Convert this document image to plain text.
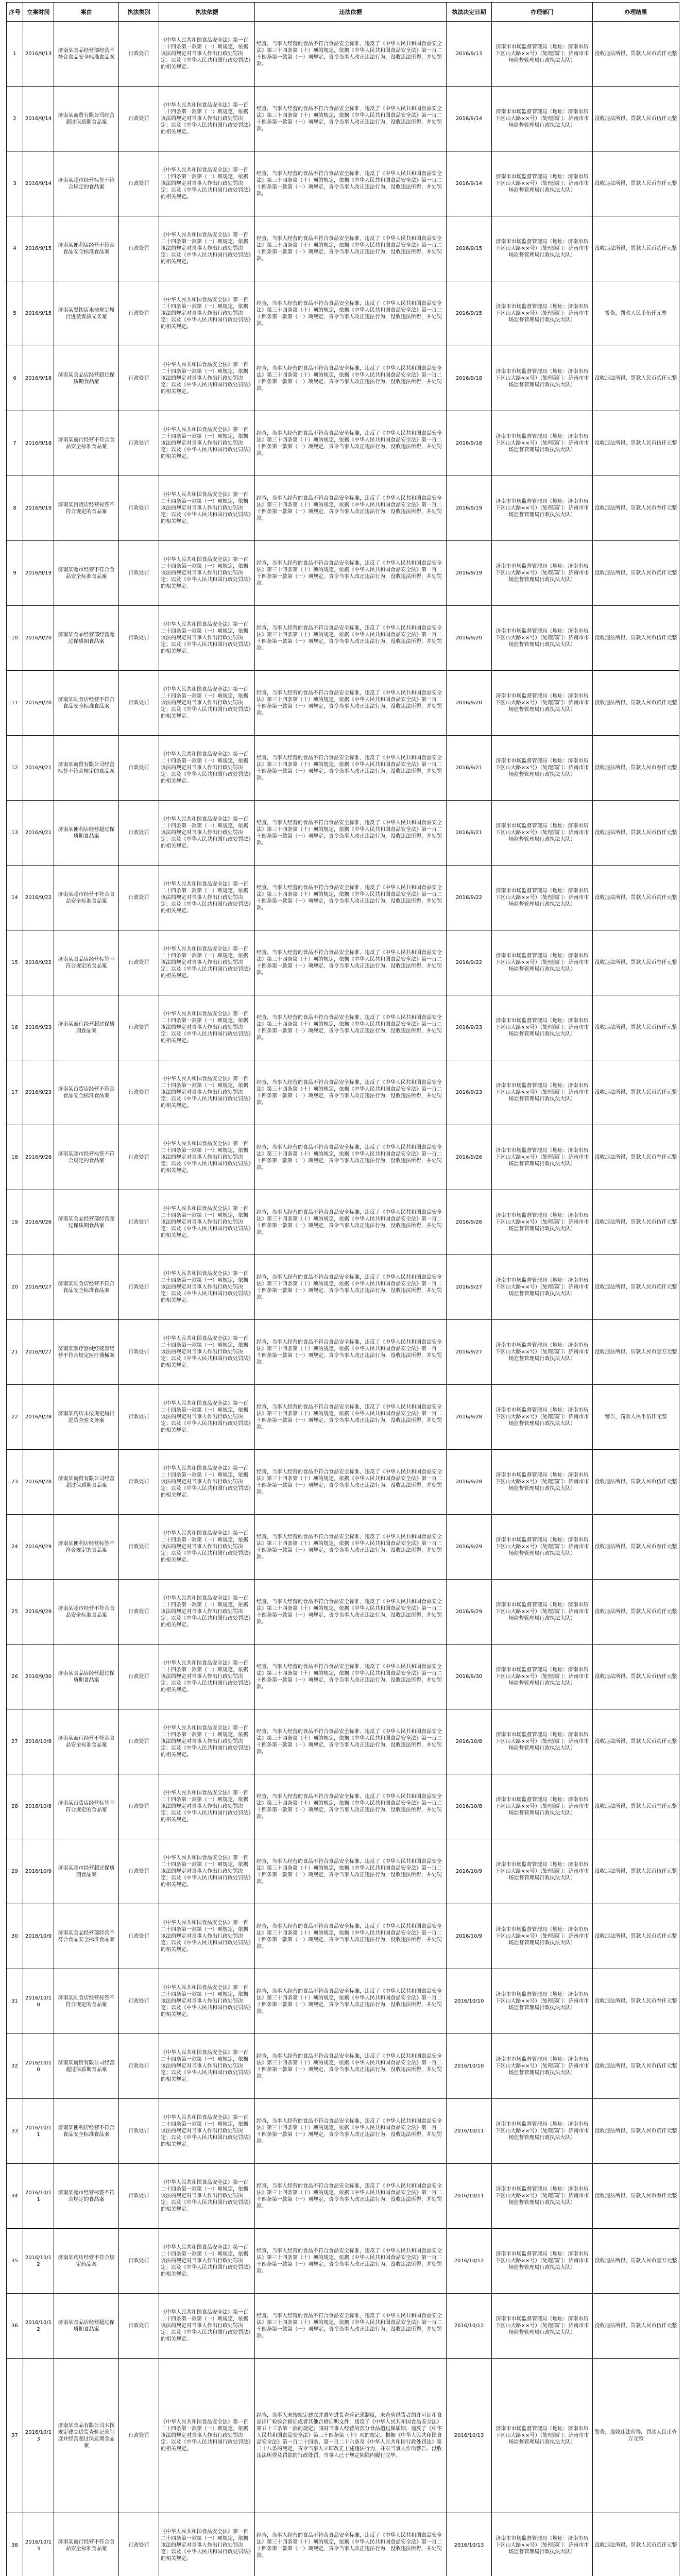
序号	立案时间	案由	执法类别	执法依据	违法依据	执法决定日期	办理部门	办理结果
1	2016/9/13	济南某食品经营部经营不符合食品安全标准食品案	行政处罚	《中华人民共和国食品安全法》第一百二十四条第一款第（一）项规定，依据该法的规定对当事人作出行政处罚决定；以及《中华人民共和国行政处罚法》的相关规定。	经查，当事人经营的食品不符合食品安全标准，违反了《中华人民共和国食品安全法》第三十四条第（十）项的规定，依据《中华人民共和国食品安全法》第一百二十四条第一款第（一）项规定，责令当事人改正违法行为，没收违法所得，并处罚款。	2016/9/13	济南市市场监督管理局（地址：济南市历下区山大路××号）（处理部门：济南市市场监督管理局行政执法大队）	没收违法所得，罚款人民币贰仟元整
2	2016/9/14	济南某商贸有限公司经营超过保质期食品案	行政处罚	《中华人民共和国食品安全法》第一百二十四条第一款第（一）项规定，依据该法的规定对当事人作出行政处罚决定；以及《中华人民共和国行政处罚法》的相关规定。	经查，当事人经营的食品不符合食品安全标准，违反了《中华人民共和国食品安全法》第三十四条第（十）项的规定，依据《中华人民共和国食品安全法》第一百二十四条第一款第（一）项规定，责令当事人改正违法行为，没收违法所得，并处罚款。	2016/9/14	济南市市场监督管理局（地址：济南市历下区山大路××号）（处理部门：济南市市场监督管理局行政执法大队）	没收违法所得，罚款人民币伍仟元整
3	2016/9/14	济南某超市经营标签不符合规定的食品案	行政处罚	《中华人民共和国食品安全法》第一百二十四条第一款第（一）项规定，依据该法的规定对当事人作出行政处罚决定；以及《中华人民共和国行政处罚法》的相关规定。	经查，当事人经营的食品不符合食品安全标准，违反了《中华人民共和国食品安全法》第三十四条第（十）项的规定，依据《中华人民共和国食品安全法》第一百二十四条第一款第（一）项规定，责令当事人改正违法行为，没收违法所得，并处罚款。	2016/9/14	济南市市场监督管理局（地址：济南市历下区山大路××号）（处理部门：济南市市场监督管理局行政执法大队）	没收违法所得，罚款人民币叁仟元整
4	2016/9/15	济南某便利店经营不符合食品安全标准食品案	行政处罚	《中华人民共和国食品安全法》第一百二十四条第一款第（一）项规定，依据该法的规定对当事人作出行政处罚决定；以及《中华人民共和国行政处罚法》的相关规定。	经查，当事人经营的食品不符合食品安全标准，违反了《中华人民共和国食品安全法》第三十四条第（十）项的规定，依据《中华人民共和国食品安全法》第一百二十四条第一款第（一）项规定，责令当事人改正违法行为，没收违法所得，并处罚款。	2016/9/15	济南市市场监督管理局（地址：济南市历下区山大路××号）（处理部门：济南市市场监督管理局行政执法大队）	没收违法所得，罚款人民币贰仟元整
5	2016/9/15	济南某餐饮店未按规定履行进货查验义务案	行政处罚	《中华人民共和国食品安全法》第一百二十四条第一款第（一）项规定，依据该法的规定对当事人作出行政处罚决定；以及《中华人民共和国行政处罚法》的相关规定。	经查，当事人经营的食品不符合食品安全标准，违反了《中华人民共和国食品安全法》第三十四条第（十）项的规定，依据《中华人民共和国食品安全法》第一百二十四条第一款第（一）项规定，责令当事人改正违法行为，没收违法所得，并处罚款。	2016/9/15	济南市市场监督管理局（地址：济南市历下区山大路××号）（处理部门：济南市市场监督管理局行政执法大队）	警告，罚款人民币伍仟元整
6	2016/9/18	济南某食品店经营超过保质期食品案	行政处罚	《中华人民共和国食品安全法》第一百二十四条第一款第（一）项规定，依据该法的规定对当事人作出行政处罚决定；以及《中华人民共和国行政处罚法》的相关规定。	经查，当事人经营的食品不符合食品安全标准，违反了《中华人民共和国食品安全法》第三十四条第（十）项的规定，依据《中华人民共和国食品安全法》第一百二十四条第一款第（一）项规定，责令当事人改正违法行为，没收违法所得，并处罚款。	2016/9/18	济南市市场监督管理局（地址：济南市历下区山大路××号）（处理部门：济南市市场监督管理局行政执法大队）	没收违法所得，罚款人民币贰仟元整
7	2016/9/18	济南某商行经营不符合食品安全标准食品案	行政处罚	《中华人民共和国食品安全法》第一百二十四条第一款第（一）项规定，依据该法的规定对当事人作出行政处罚决定；以及《中华人民共和国行政处罚法》的相关规定。	经查，当事人经营的食品不符合食品安全标准，违反了《中华人民共和国食品安全法》第三十四条第（十）项的规定，依据《中华人民共和国食品安全法》第一百二十四条第一款第（一）项规定，责令当事人改正违法行为，没收违法所得，并处罚款。	2016/9/18	济南市市场监督管理局（地址：济南市历下区山大路××号）（处理部门：济南市市场监督管理局行政执法大队）	没收违法所得，罚款人民币伍仟元整
8	2016/9/19	济南某百货店经营标签不符合规定的食品案	行政处罚	《中华人民共和国食品安全法》第一百二十四条第一款第（一）项规定，依据该法的规定对当事人作出行政处罚决定；以及《中华人民共和国行政处罚法》的相关规定。	经查，当事人经营的食品不符合食品安全标准，违反了《中华人民共和国食品安全法》第三十四条第（十）项的规定，依据《中华人民共和国食品安全法》第一百二十四条第一款第（一）项规定，责令当事人改正违法行为，没收违法所得，并处罚款。	2016/9/19	济南市市场监督管理局（地址：济南市历下区山大路××号）（处理部门：济南市市场监督管理局行政执法大队）	没收违法所得，罚款人民币叁仟元整
9	2016/9/19	济南某超市经营不符合食品安全标准食品案	行政处罚	《中华人民共和国食品安全法》第一百二十四条第一款第（一）项规定，依据该法的规定对当事人作出行政处罚决定；以及《中华人民共和国行政处罚法》的相关规定。	经查，当事人经营的食品不符合食品安全标准，违反了《中华人民共和国食品安全法》第三十四条第（十）项的规定，依据《中华人民共和国食品安全法》第一百二十四条第一款第（一）项规定，责令当事人改正违法行为，没收违法所得，并处罚款。	2016/9/19	济南市市场监督管理局（地址：济南市历下区山大路××号）（处理部门：济南市市场监督管理局行政执法大队）	没收违法所得，罚款人民币贰仟元整
10	2016/9/20	济南某食品经营部经营超过保质期食品案	行政处罚	《中华人民共和国食品安全法》第一百二十四条第一款第（一）项规定，依据该法的规定对当事人作出行政处罚决定；以及《中华人民共和国行政处罚法》的相关规定。	经查，当事人经营的食品不符合食品安全标准，违反了《中华人民共和国食品安全法》第三十四条第（十）项的规定，依据《中华人民共和国食品安全法》第一百二十四条第一款第（一）项规定，责令当事人改正违法行为，没收违法所得，并处罚款。	2016/9/20	济南市市场监督管理局（地址：济南市历下区山大路××号）（处理部门：济南市市场监督管理局行政执法大队）	没收违法所得，罚款人民币伍仟元整
11	2016/9/20	济南某副食店经营不符合食品安全标准食品案	行政处罚	《中华人民共和国食品安全法》第一百二十四条第一款第（一）项规定，依据该法的规定对当事人作出行政处罚决定；以及《中华人民共和国行政处罚法》的相关规定。	经查，当事人经营的食品不符合食品安全标准，违反了《中华人民共和国食品安全法》第三十四条第（十）项的规定，依据《中华人民共和国食品安全法》第一百二十四条第一款第（一）项规定，责令当事人改正违法行为，没收违法所得，并处罚款。	2016/9/20	济南市市场监督管理局（地址：济南市历下区山大路××号）（处理部门：济南市市场监督管理局行政执法大队）	没收违法所得，罚款人民币贰仟元整
12	2016/9/21	济南某商贸有限公司经营标签不符合规定的食品案	行政处罚	《中华人民共和国食品安全法》第一百二十四条第一款第（一）项规定，依据该法的规定对当事人作出行政处罚决定；以及《中华人民共和国行政处罚法》的相关规定。	经查，当事人经营的食品不符合食品安全标准，违反了《中华人民共和国食品安全法》第三十四条第（十）项的规定，依据《中华人民共和国食品安全法》第一百二十四条第一款第（一）项规定，责令当事人改正违法行为，没收违法所得，并处罚款。	2016/9/21	济南市市场监督管理局（地址：济南市历下区山大路××号）（处理部门：济南市市场监督管理局行政执法大队）	没收违法所得，罚款人民币叁仟元整
13	2016/9/21	济南某便利店经营超过保质期食品案	行政处罚	《中华人民共和国食品安全法》第一百二十四条第一款第（一）项规定，依据该法的规定对当事人作出行政处罚决定；以及《中华人民共和国行政处罚法》的相关规定。	经查，当事人经营的食品不符合食品安全标准，违反了《中华人民共和国食品安全法》第三十四条第（十）项的规定，依据《中华人民共和国食品安全法》第一百二十四条第一款第（一）项规定，责令当事人改正违法行为，没收违法所得，并处罚款。	2016/9/21	济南市市场监督管理局（地址：济南市历下区山大路××号）（处理部门：济南市市场监督管理局行政执法大队）	没收违法所得，罚款人民币伍仟元整
14	2016/9/22	济南某超市经营不符合食品安全标准食品案	行政处罚	《中华人民共和国食品安全法》第一百二十四条第一款第（一）项规定，依据该法的规定对当事人作出行政处罚决定；以及《中华人民共和国行政处罚法》的相关规定。	经查，当事人经营的食品不符合食品安全标准，违反了《中华人民共和国食品安全法》第三十四条第（十）项的规定，依据《中华人民共和国食品安全法》第一百二十四条第一款第（一）项规定，责令当事人改正违法行为，没收违法所得，并处罚款。	2016/9/22	济南市市场监督管理局（地址：济南市历下区山大路××号）（处理部门：济南市市场监督管理局行政执法大队）	没收违法所得，罚款人民币贰仟元整
15	2016/9/22	济南某食品店经营标签不符合规定的食品案	行政处罚	《中华人民共和国食品安全法》第一百二十四条第一款第（一）项规定，依据该法的规定对当事人作出行政处罚决定；以及《中华人民共和国行政处罚法》的相关规定。	经查，当事人经营的食品不符合食品安全标准，违反了《中华人民共和国食品安全法》第三十四条第（十）项的规定，依据《中华人民共和国食品安全法》第一百二十四条第一款第（一）项规定，责令当事人改正违法行为，没收违法所得，并处罚款。	2016/9/22	济南市市场监督管理局（地址：济南市历下区山大路××号）（处理部门：济南市市场监督管理局行政执法大队）	没收违法所得，罚款人民币叁仟元整
16	2016/9/23	济南某商行经营超过保质期食品案	行政处罚	《中华人民共和国食品安全法》第一百二十四条第一款第（一）项规定，依据该法的规定对当事人作出行政处罚决定；以及《中华人民共和国行政处罚法》的相关规定。	经查，当事人经营的食品不符合食品安全标准，违反了《中华人民共和国食品安全法》第三十四条第（十）项的规定，依据《中华人民共和国食品安全法》第一百二十四条第一款第（一）项规定，责令当事人改正违法行为，没收违法所得，并处罚款。	2016/9/23	济南市市场监督管理局（地址：济南市历下区山大路××号）（处理部门：济南市市场监督管理局行政执法大队）	没收违法所得，罚款人民币伍仟元整
17	2016/9/23	济南某百货店经营不符合食品安全标准食品案	行政处罚	《中华人民共和国食品安全法》第一百二十四条第一款第（一）项规定，依据该法的规定对当事人作出行政处罚决定；以及《中华人民共和国行政处罚法》的相关规定。	经查，当事人经营的食品不符合食品安全标准，违反了《中华人民共和国食品安全法》第三十四条第（十）项的规定，依据《中华人民共和国食品安全法》第一百二十四条第一款第（一）项规定，责令当事人改正违法行为，没收违法所得，并处罚款。	2016/9/23	济南市市场监督管理局（地址：济南市历下区山大路××号）（处理部门：济南市市场监督管理局行政执法大队）	没收违法所得，罚款人民币贰仟元整
18	2016/9/26	济南某超市经营标签不符合规定的食品案	行政处罚	《中华人民共和国食品安全法》第一百二十四条第一款第（一）项规定，依据该法的规定对当事人作出行政处罚决定；以及《中华人民共和国行政处罚法》的相关规定。	经查，当事人经营的食品不符合食品安全标准，违反了《中华人民共和国食品安全法》第三十四条第（十）项的规定，依据《中华人民共和国食品安全法》第一百二十四条第一款第（一）项规定，责令当事人改正违法行为，没收违法所得，并处罚款。	2016/9/26	济南市市场监督管理局（地址：济南市历下区山大路××号）（处理部门：济南市市场监督管理局行政执法大队）	没收违法所得，罚款人民币叁仟元整
19	2016/9/26	济南某食品经营部经营超过保质期食品案	行政处罚	《中华人民共和国食品安全法》第一百二十四条第一款第（一）项规定，依据该法的规定对当事人作出行政处罚决定；以及《中华人民共和国行政处罚法》的相关规定。	经查，当事人经营的食品不符合食品安全标准，违反了《中华人民共和国食品安全法》第三十四条第（十）项的规定，依据《中华人民共和国食品安全法》第一百二十四条第一款第（一）项规定，责令当事人改正违法行为，没收违法所得，并处罚款。	2016/9/26	济南市市场监督管理局（地址：济南市历下区山大路××号）（处理部门：济南市市场监督管理局行政执法大队）	没收违法所得，罚款人民币伍仟元整
20	2016/9/27	济南某副食店经营不符合食品安全标准食品案	行政处罚	《中华人民共和国食品安全法》第一百二十四条第一款第（一）项规定，依据该法的规定对当事人作出行政处罚决定；以及《中华人民共和国行政处罚法》的相关规定。	经查，当事人经营的食品不符合食品安全标准，违反了《中华人民共和国食品安全法》第三十四条第（十）项的规定，依据《中华人民共和国食品安全法》第一百二十四条第一款第（一）项规定，责令当事人改正违法行为，没收违法所得，并处罚款。	2016/9/27	济南市市场监督管理局（地址：济南市历下区山大路××号）（处理部门：济南市市场监督管理局行政执法大队）	没收违法所得，罚款人民币贰仟元整
21	2016/9/27	济南某医疗器械经营部经营不符合规定医疗器械案	行政处罚	《中华人民共和国食品安全法》第一百二十四条第一款第（一）项规定，依据该法的规定对当事人作出行政处罚决定；以及《中华人民共和国行政处罚法》的相关规定。	经查，当事人经营的食品不符合食品安全标准，违反了《中华人民共和国食品安全法》第三十四条第（十）项的规定，依据《中华人民共和国食品安全法》第一百二十四条第一款第（一）项规定，责令当事人改正违法行为，没收违法所得，并处罚款。	2016/9/27	济南市市场监督管理局（地址：济南市历下区山大路××号）（处理部门：济南市市场监督管理局行政执法大队）	没收违法所得，罚款人民币壹万元整
22	2016/9/28	济南某药店未按规定履行进货查验义务案	行政处罚	《中华人民共和国食品安全法》第一百二十四条第一款第（一）项规定，依据该法的规定对当事人作出行政处罚决定；以及《中华人民共和国行政处罚法》的相关规定。	经查，当事人经营的食品不符合食品安全标准，违反了《中华人民共和国食品安全法》第三十四条第（十）项的规定，依据《中华人民共和国食品安全法》第一百二十四条第一款第（一）项规定，责令当事人改正违法行为，没收违法所得，并处罚款。	2016/9/28	济南市市场监督管理局（地址：济南市历下区山大路××号）（处理部门：济南市市场监督管理局行政执法大队）	警告，罚款人民币伍仟元整
23	2016/9/28	济南某商贸有限公司经营超过保质期食品案	行政处罚	《中华人民共和国食品安全法》第一百二十四条第一款第（一）项规定，依据该法的规定对当事人作出行政处罚决定；以及《中华人民共和国行政处罚法》的相关规定。	经查，当事人经营的食品不符合食品安全标准，违反了《中华人民共和国食品安全法》第三十四条第（十）项的规定，依据《中华人民共和国食品安全法》第一百二十四条第一款第（一）项规定，责令当事人改正违法行为，没收违法所得，并处罚款。	2016/9/28	济南市市场监督管理局（地址：济南市历下区山大路××号）（处理部门：济南市市场监督管理局行政执法大队）	没收违法所得，罚款人民币伍仟元整
24	2016/9/29	济南某便利店经营标签不符合规定的食品案	行政处罚	《中华人民共和国食品安全法》第一百二十四条第一款第（一）项规定，依据该法的规定对当事人作出行政处罚决定；以及《中华人民共和国行政处罚法》的相关规定。	经查，当事人经营的食品不符合食品安全标准，违反了《中华人民共和国食品安全法》第三十四条第（十）项的规定，依据《中华人民共和国食品安全法》第一百二十四条第一款第（一）项规定，责令当事人改正违法行为，没收违法所得，并处罚款。	2016/9/29	济南市市场监督管理局（地址：济南市历下区山大路××号）（处理部门：济南市市场监督管理局行政执法大队）	没收违法所得，罚款人民币叁仟元整
25	2016/9/29	济南某超市经营不符合食品安全标准食品案	行政处罚	《中华人民共和国食品安全法》第一百二十四条第一款第（一）项规定，依据该法的规定对当事人作出行政处罚决定；以及《中华人民共和国行政处罚法》的相关规定。	经查，当事人经营的食品不符合食品安全标准，违反了《中华人民共和国食品安全法》第三十四条第（十）项的规定，依据《中华人民共和国食品安全法》第一百二十四条第一款第（一）项规定，责令当事人改正违法行为，没收违法所得，并处罚款。	2016/9/29	济南市市场监督管理局（地址：济南市历下区山大路××号）（处理部门：济南市市场监督管理局行政执法大队）	没收违法所得，罚款人民币贰仟元整
26	2016/9/30	济南某食品店经营超过保质期食品案	行政处罚	《中华人民共和国食品安全法》第一百二十四条第一款第（一）项规定，依据该法的规定对当事人作出行政处罚决定；以及《中华人民共和国行政处罚法》的相关规定。	经查，当事人经营的食品不符合食品安全标准，违反了《中华人民共和国食品安全法》第三十四条第（十）项的规定，依据《中华人民共和国食品安全法》第一百二十四条第一款第（一）项规定，责令当事人改正违法行为，没收违法所得，并处罚款。	2016/9/30	济南市市场监督管理局（地址：济南市历下区山大路××号）（处理部门：济南市市场监督管理局行政执法大队）	没收违法所得，罚款人民币伍仟元整
27	2016/10/8	济南某商行经营不符合食品安全标准食品案	行政处罚	《中华人民共和国食品安全法》第一百二十四条第一款第（一）项规定，依据该法的规定对当事人作出行政处罚决定；以及《中华人民共和国行政处罚法》的相关规定。	经查，当事人经营的食品不符合食品安全标准，违反了《中华人民共和国食品安全法》第三十四条第（十）项的规定，依据《中华人民共和国食品安全法》第一百二十四条第一款第（一）项规定，责令当事人改正违法行为，没收违法所得，并处罚款。	2016/10/8	济南市市场监督管理局（地址：济南市历下区山大路××号）（处理部门：济南市市场监督管理局行政执法大队）	没收违法所得，罚款人民币贰仟元整
28	2016/10/8	济南某百货店经营标签不符合规定的食品案	行政处罚	《中华人民共和国食品安全法》第一百二十四条第一款第（一）项规定，依据该法的规定对当事人作出行政处罚决定；以及《中华人民共和国行政处罚法》的相关规定。	经查，当事人经营的食品不符合食品安全标准，违反了《中华人民共和国食品安全法》第三十四条第（十）项的规定，依据《中华人民共和国食品安全法》第一百二十四条第一款第（一）项规定，责令当事人改正违法行为，没收违法所得，并处罚款。	2016/10/8	济南市市场监督管理局（地址：济南市历下区山大路××号）（处理部门：济南市市场监督管理局行政执法大队）	没收违法所得，罚款人民币叁仟元整
29	2016/10/9	济南某超市经营超过保质期食品案	行政处罚	《中华人民共和国食品安全法》第一百二十四条第一款第（一）项规定，依据该法的规定对当事人作出行政处罚决定；以及《中华人民共和国行政处罚法》的相关规定。	经查，当事人经营的食品不符合食品安全标准，违反了《中华人民共和国食品安全法》第三十四条第（十）项的规定，依据《中华人民共和国食品安全法》第一百二十四条第一款第（一）项规定，责令当事人改正违法行为，没收违法所得，并处罚款。	2016/10/9	济南市市场监督管理局（地址：济南市历下区山大路××号）（处理部门：济南市市场监督管理局行政执法大队）	没收违法所得，罚款人民币伍仟元整
30	2016/10/9	济南某食品经营部经营不符合食品安全标准食品案	行政处罚	《中华人民共和国食品安全法》第一百二十四条第一款第（一）项规定，依据该法的规定对当事人作出行政处罚决定；以及《中华人民共和国行政处罚法》的相关规定。	经查，当事人经营的食品不符合食品安全标准，违反了《中华人民共和国食品安全法》第三十四条第（十）项的规定，依据《中华人民共和国食品安全法》第一百二十四条第一款第（一）项规定，责令当事人改正违法行为，没收违法所得，并处罚款。	2016/10/9	济南市市场监督管理局（地址：济南市历下区山大路××号）（处理部门：济南市市场监督管理局行政执法大队）	没收违法所得，罚款人民币贰仟元整
31	2016/10/10	济南某副食店经营标签不符合规定的食品案	行政处罚	《中华人民共和国食品安全法》第一百二十四条第一款第（一）项规定，依据该法的规定对当事人作出行政处罚决定；以及《中华人民共和国行政处罚法》的相关规定。	经查，当事人经营的食品不符合食品安全标准，违反了《中华人民共和国食品安全法》第三十四条第（十）项的规定，依据《中华人民共和国食品安全法》第一百二十四条第一款第（一）项规定，责令当事人改正违法行为，没收违法所得，并处罚款。	2016/10/10	济南市市场监督管理局（地址：济南市历下区山大路××号）（处理部门：济南市市场监督管理局行政执法大队）	没收违法所得，罚款人民币叁仟元整
32	2016/10/10	济南某商贸有限公司经营超过保质期食品案	行政处罚	《中华人民共和国食品安全法》第一百二十四条第一款第（一）项规定，依据该法的规定对当事人作出行政处罚决定；以及《中华人民共和国行政处罚法》的相关规定。	经查，当事人经营的食品不符合食品安全标准，违反了《中华人民共和国食品安全法》第三十四条第（十）项的规定，依据《中华人民共和国食品安全法》第一百二十四条第一款第（一）项规定，责令当事人改正违法行为，没收违法所得，并处罚款。	2016/10/10	济南市市场监督管理局（地址：济南市历下区山大路××号）（处理部门：济南市市场监督管理局行政执法大队）	没收违法所得，罚款人民币伍仟元整
33	2016/10/11	济南某便利店经营不符合食品安全标准食品案	行政处罚	《中华人民共和国食品安全法》第一百二十四条第一款第（一）项规定，依据该法的规定对当事人作出行政处罚决定；以及《中华人民共和国行政处罚法》的相关规定。	经查，当事人经营的食品不符合食品安全标准，违反了《中华人民共和国食品安全法》第三十四条第（十）项的规定，依据《中华人民共和国食品安全法》第一百二十四条第一款第（一）项规定，责令当事人改正违法行为，没收违法所得，并处罚款。	2016/10/11	济南市市场监督管理局（地址：济南市历下区山大路××号）（处理部门：济南市市场监督管理局行政执法大队）	没收违法所得，罚款人民币贰仟元整
34	2016/10/11	济南某超市经营标签不符合规定的食品案	行政处罚	《中华人民共和国食品安全法》第一百二十四条第一款第（一）项规定，依据该法的规定对当事人作出行政处罚决定；以及《中华人民共和国行政处罚法》的相关规定。	经查，当事人经营的食品不符合食品安全标准，违反了《中华人民共和国食品安全法》第三十四条第（十）项的规定，依据《中华人民共和国食品安全法》第一百二十四条第一款第（一）项规定，责令当事人改正违法行为，没收违法所得，并处罚款。	2016/10/11	济南市市场监督管理局（地址：济南市历下区山大路××号）（处理部门：济南市市场监督管理局行政执法大队）	没收违法所得，罚款人民币叁仟元整
35	2016/10/12	济南某药店经营不符合规定药品案	行政处罚	《中华人民共和国食品安全法》第一百二十四条第一款第（一）项规定，依据该法的规定对当事人作出行政处罚决定；以及《中华人民共和国行政处罚法》的相关规定。	经查，当事人经营的食品不符合食品安全标准，违反了《中华人民共和国食品安全法》第三十四条第（十）项的规定，依据《中华人民共和国食品安全法》第一百二十四条第一款第（一）项规定，责令当事人改正违法行为，没收违法所得，并处罚款。	2016/10/12	济南市市场监督管理局（地址：济南市历下区山大路××号）（处理部门：济南市市场监督管理局行政执法大队）	没收违法所得，罚款人民币壹万元整
36	2016/10/12	济南某食品店经营超过保质期食品案	行政处罚	《中华人民共和国食品安全法》第一百二十四条第一款第（一）项规定，依据该法的规定对当事人作出行政处罚决定；以及《中华人民共和国行政处罚法》的相关规定。	经查，当事人经营的食品不符合食品安全标准，违反了《中华人民共和国食品安全法》第三十四条第（十）项的规定，依据《中华人民共和国食品安全法》第一百二十四条第一款第（一）项规定，责令当事人改正违法行为，没收违法所得，并处罚款。	2016/10/12	济南市市场监督管理局（地址：济南市历下区山大路××号）（处理部门：济南市市场监督管理局行政执法大队）	没收违法所得，罚款人民币伍仟元整
37	2016/10/13	济南某食品有限公司未按规定建立进货查验记录制度并经营超过保质期食品案	行政处罚	《中华人民共和国食品安全法》第一百二十四条第一款第（一）项规定，依据该法的规定对当事人作出行政处罚决定；以及《中华人民共和国行政处罚法》的相关规定。	经查，当事人未按规定建立并遵守进货查验记录制度，未查验供货者的许可证和食品出厂检验合格证或者其他合格证明文件，违反了《中华人民共和国食品安全法》第五十三条第一款的规定；同时当事人经营的部分食品超过保质期，违反了《中华人民共和国食品安全法》第三十四条第（十）项的规定。根据《中华人民共和国食品安全法》第一百二十四条、第一百二十六条及《中华人民共和国行政处罚法》第二十八条的规定，责令当事人立即改正上述违法行为，并对当事人作出警告、没收违法所得及罚款的行政处罚，当事人已于规定期限内履行完毕。	2016/10/13	济南市市场监督管理局（地址：济南市历下区山大路××号）（处理部门：济南市市场监督管理局行政执法大队）	警告，没收违法所得，罚款人民币壹万元整
38	2016/10/13	济南某商行经营不符合食品安全标准食品案	行政处罚	《中华人民共和国食品安全法》第一百二十四条第一款第（一）项规定，依据该法的规定对当事人作出行政处罚决定；以及《中华人民共和国行政处罚法》的相关规定。	经查，当事人经营的食品不符合食品安全标准，违反了《中华人民共和国食品安全法》第三十四条第（十）项的规定，依据《中华人民共和国食品安全法》第一百二十四条第一款第（一）项规定，责令当事人改正违法行为，没收违法所得，并处罚款。	2016/10/13	济南市市场监督管理局（地址：济南市历下区山大路××号）（处理部门：济南市市场监督管理局行政执法大队）	没收违法所得，罚款人民币贰仟元整
